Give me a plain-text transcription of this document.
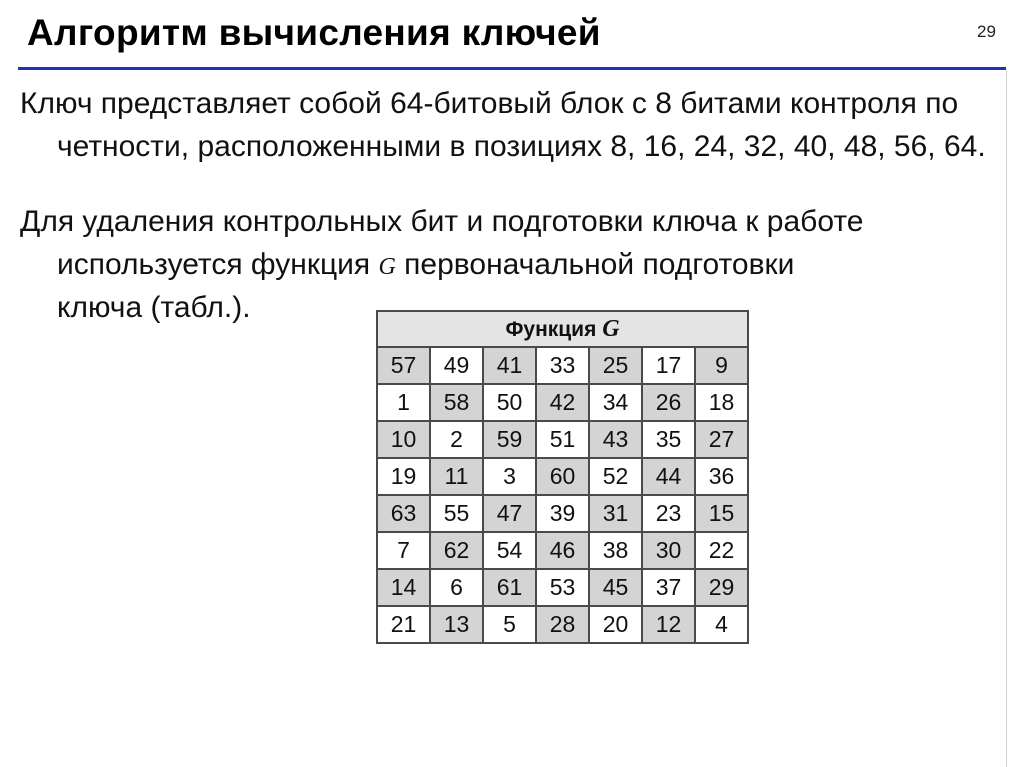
29
Алгоритм вычисления ключей

Ключ представляет собой 64-битовый блок с 8 битами контроля по четности, расположенными в позициях 8, 16, 24, 32, 40, 48, 56, 64.

Для удаления контрольных бит и подготовки ключа к работе используется функция G первоначальной подготовки

ключа (табл.).

Функция G						
57	49	41	33	25	17	9
1	58	50	42	34	26	18
10	2	59	51	43	35	27
19	11	3	60	52	44	36
63	55	47	39	31	23	15
7	62	54	46	38	30	22
14	6	61	53	45	37	29
21	13	5	28	20	12	4
